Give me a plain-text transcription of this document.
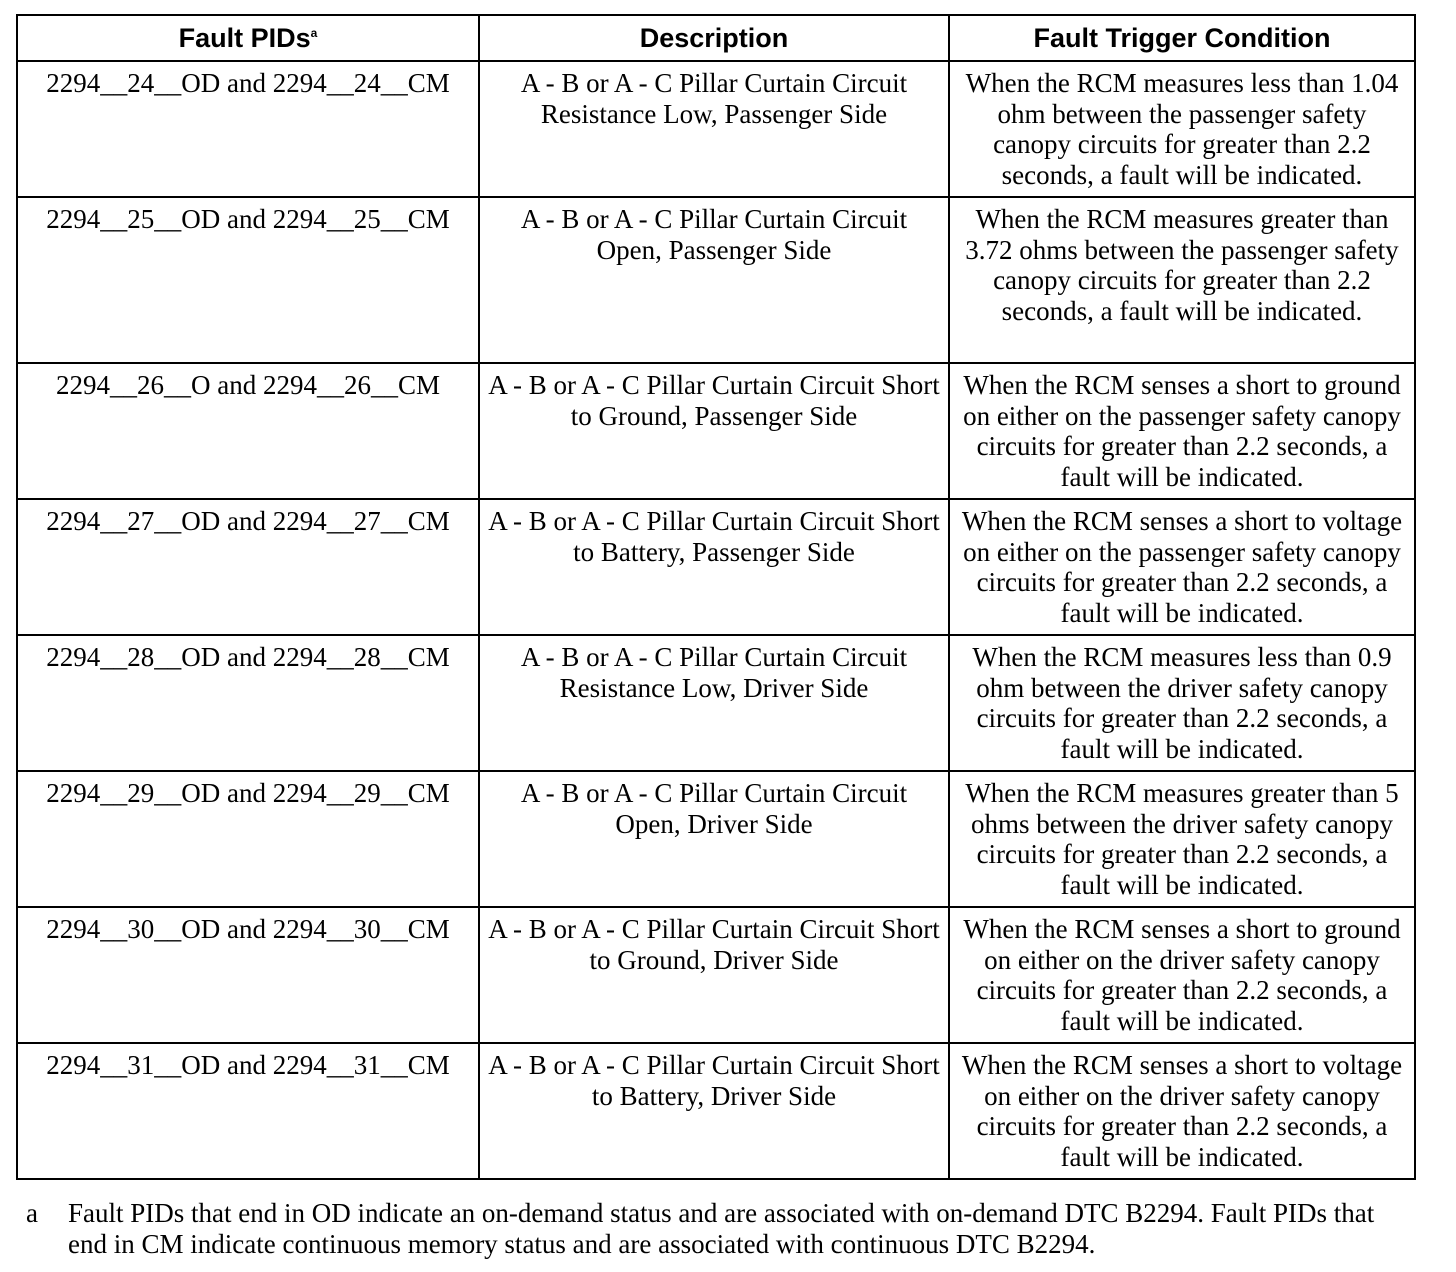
Fault PIDs$^a$	Description	Fault Trigger Condition
2294__24__OD and 2294__24__CM	A - B or A - C Pillar Curtain Circuit Resistance Low, Passenger Side	When the RCM measures less than 1.04 ohm between the passenger safety canopy circuits for greater than 2.2 seconds, a fault will be indicated.
2294__25__OD and 2294__25__CM	A - B or A - C Pillar Curtain Circuit Open, Passenger Side	When the RCM measures greater than 3.72 ohms between the passenger safety canopy circuits for greater than 2.2 seconds, a fault will be indicated.
2294__26__O and 2294__26__CM	A - B or A - C Pillar Curtain Circuit Short to Ground, Passenger Side	When the RCM senses a short to ground on either on the passenger safety canopy circuits for greater than 2.2 seconds, a fault will be indicated.
2294__27__OD and 2294__27__CM	A - B or A - C Pillar Curtain Circuit Short to Battery, Passenger Side	When the RCM senses a short to voltage on either on the passenger safety canopy circuits for greater than 2.2 seconds, a fault will be indicated.
2294__28__OD and 2294__28__CM	A - B or A - C Pillar Curtain Circuit Resistance Low, Driver Side	When the RCM measures less than 0.9 ohm between the driver safety canopy circuits for greater than 2.2 seconds, a fault will be indicated.
2294__29__OD and 2294__29__CM	A - B or A - C Pillar Curtain Circuit Open, Driver Side	When the RCM measures greater than 5 ohms between the driver safety canopy circuits for greater than 2.2 seconds, a fault will be indicated.
2294__30__OD and 2294__30__CM	A - B or A - C Pillar Curtain Circuit Short to Ground, Driver Side	When the RCM senses a short to ground on either on the driver safety canopy circuits for greater than 2.2 seconds, a fault will be indicated.
2294__31__OD and 2294__31__CM	A - B or A - C Pillar Curtain Circuit Short to Battery, Driver Side	When the RCM senses a short to voltage on either on the driver safety canopy circuits for greater than 2.2 seconds, a fault will be indicated.
a Fault PIDs that end in OD indicate an on-demand status and are associated with on-demand DTC B2294. Fault PIDs that end in CM indicate continuous memory status and are associated with continuous DTC B2294.
